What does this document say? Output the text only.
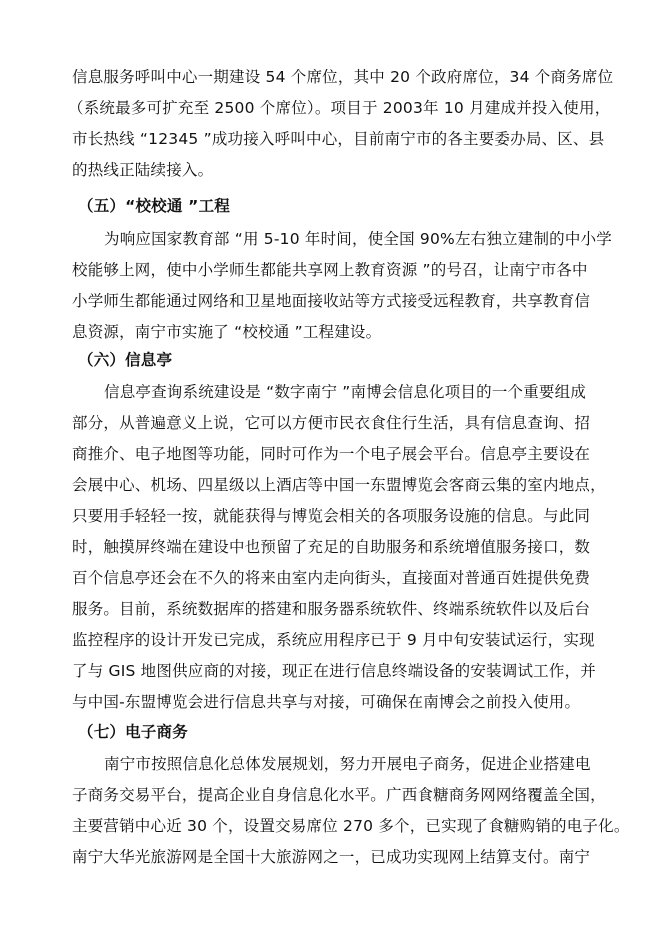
信息服务呼叫中心一期建设 54 个席位，其中 20 个政府席位，34 个商务席位
（系统最多可扩充至 2500 个席位）。项目于 2003年 10 月建成并投入使用，
市长热线 “12345 ”成功接入呼叫中心，目前南宁市的各主要委办局、区、县
的热线正陆续接入。
（五）“校校通 ”工程
为响应国家教育部 “用 5-10 年时间，使全国 90%左右独立建制的中小学
校能够上网，使中小学师生都能共享网上教育资源 ”的号召，让南宁市各中
小学师生都能通过网络和卫星地面接收站等方式接受远程教育，共享教育信
息资源，南宁市实施了 “校校通 ”工程建设。
（六）信息亭
信息亭查询系统建设是 “数字南宁 ”南博会信息化项目的一个重要组成
部分，从普遍意义上说，它可以方便市民衣食住行生活，具有信息查询、招
商推介、电子地图等功能，同时可作为一个电子展会平台。信息亭主要设在
会展中心、机场、四星级以上酒店等中国一东盟博览会客商云集的室内地点，
只要用手轻轻一按，就能获得与博览会相关的各项服务设施的信息。与此同
时，触摸屏终端在建设中也预留了充足的自助服务和系统增值服务接口，数
百个信息亭还会在不久的将来由室内走向街头，直接面对普通百姓提供免费
服务。目前，系统数据库的搭建和服务器系统软件、终端系统软件以及后台
监控程序的设计开发已完成，系统应用程序已于 9 月中旬安装试运行，实现
了与 GIS 地图供应商的对接，现正在进行信息终端设备的安装调试工作，并
与中国-东盟博览会进行信息共享与对接，可确保在南博会之前投入使用。
（七）电子商务
南宁市按照信息化总体发展规划，努力开展电子商务，促进企业搭建电
子商务交易平台，提高企业自身信息化水平。广西食糖商务网网络覆盖全国，
主要营销中心近 30 个，设置交易席位 270 多个，已实现了食糖购销的电子化。
南宁大华光旅游网是全国十大旅游网之一，已成功实现网上结算支付。南宁
